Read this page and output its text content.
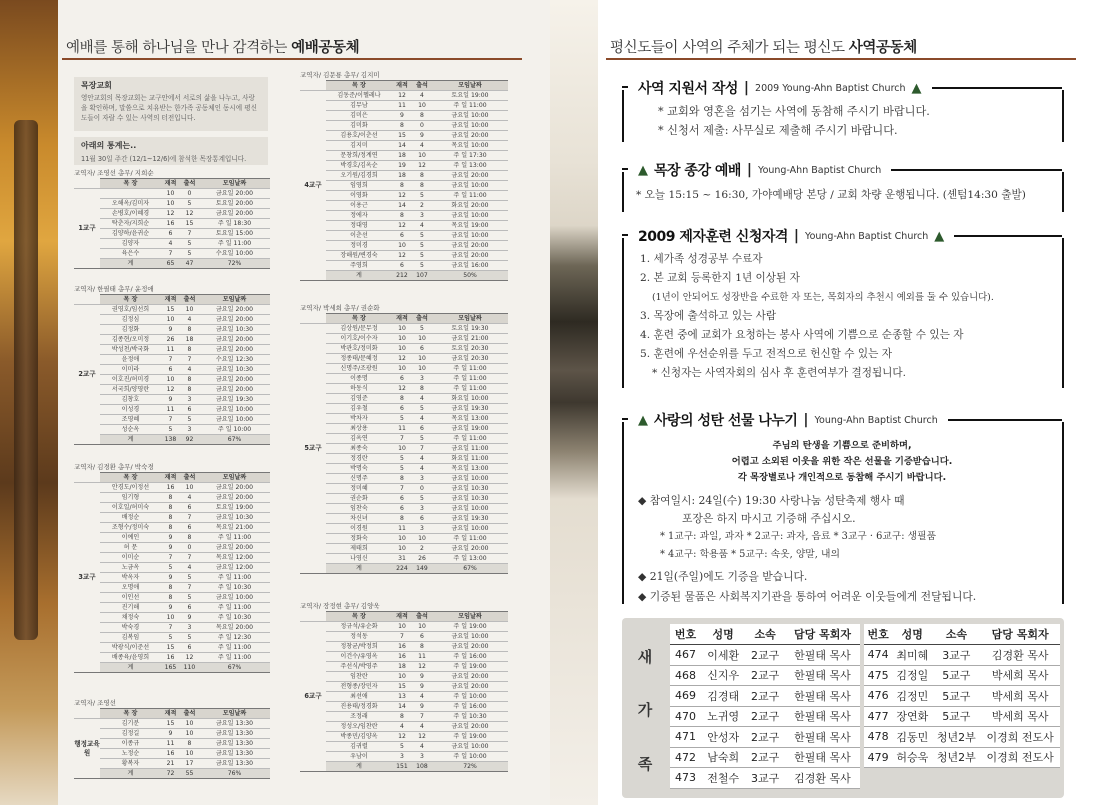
예배를 통해 하나님을 만나 감격하는 예배공동체
목장교회
영안교회의 목장교회는 교구안에서 서로의 삶을 나누고, 사랑을 확인하며, 말씀으로 치유받는 한가족 공동체인 동시에 평신도들이 자랄 수 있는 사역의 터전입니다.
아래의 통계는..
11월 30일 주간 (12/1~12/6)에 참석한 목장통계입니다.
교역자/ 조영선 총무/ 지희순
	목 장	재적	출석	모임날짜
1교구		10	0	금요일 20:00
	오해옥/김미자	10	5	토요일 20:00
	손병호/이혜경	12	12	금요일 20:00
	탁춘자/지희순	16	15	주 일 18:30
	김양하/윤귀순	6	7	토요일 15:00
	김양자	4	5	주 일 11:00
	육은수	7	5	수요일 10:00
	계	65	47	72%
교역자/ 한필태 총무/ 윤정애
	목 장	재적	출석	모임날짜
2교구	권영호/임선희	15	10	금요일 20:00
	김정심	10	4	금요일 20:00
	김정화	9	8	금요일 10:30
	김종현/오미정	26	18	금요일 20:00
	박성천/박국화	11	8	금요일 20:00
	윤정애	7	7	수요일 12:30
	이미라	6	4	금요일 10:30
	이호진/허미경	10	8	금요일 20:00
	서국희/양영란	12	8	금요일 20:00
	김창호	9	3	금요일 19:30
	이성경	11	6	금요일 10:00
	조영혜	7	5	금요일 10:00
	성순옥	5	3	주 일 10:00
	계	138	92	67%
교역자/ 김경환 총무/ 박숙경
	목 장	재적	출석	모임날짜
3교구	안경도/이정선	16	10	금요일 20:00
	임기형	8	4	금요일 20:00
	이호일/허미숙	8	6	토요일 19:00
	배정순	8	7	금요일 10:30
	조형수/정미숙	8	6	목요일 21:00
	이예인	9	8	주 일 11:00
	허 문	9	0	금요일 20:00
	이미순	7	7	목요일 12:00
	노금옥	5	4	금요일 12:00
	박옥자	9	5	주 일 11:00
	오명애	8	7	주 일 10:30
	이인선	8	5	금요일 10:00
	진기해	9	6	주 일 11:00
	채정숙	10	9	주 일 10:30
	박숙경	7	3	목요일 20:00
	김복임	5	5	주 일 12:30
	박광식/이준선	15	6	주 일 11:00
	배종육/윤영희	16	12	주 일 11:00
	계	165	110	67%
교역자/ 조영선
	목 장	재적	출석	모임날짜
행정교육원	김기분	15	10	금요일 13:30
	김정길	9	10	금요일 13:30
	이종규	11	8	금요일 13:30
	노정순	16	10	금요일 13:30
	황복자	21	17	금요일 13:30
	계	72	55	76%
교역자/ 김문룡 총무/ 김지미
	목 장	재적	출석	모임날짜
4교구	김동준/이헬레나	12	4	토요일 19:00
	김무남	11	10	주 일 11:00
	김미은	9	8	금요일 10:00
	김미화	8	0	금요일 10:00
	김용호/이춘선	15	9	금요일 20:00
	김지미	14	4	목요일 10:00
	문창희/정계연	18	10	주 일 17:30
	박경호/김옥순	19	12	주 일 13:00
	오기원/김경희	18	8	금요일 20:00
	임영희	8	8	금요일 10:00
	이영화	12	5	주 일 11:00
	이용근	14	2	화요일 20:00
	정에자	8	3	금요일 10:00
	정대영	12	4	목요일 19:00
	이춘선	6	5	금요일 10:00
	정미경	10	5	금요일 20:00
	장해원/변경숙	12	5	금요일 20:00
	주영희	6	5	금요일 16:00
	계	212	107	50%
교역자/ 박세희 총무/ 권순화
	목 장	재적	출석	모임날짜
5교구	김상원/문무정	10	5	토요일 19:30
	이기호/이수자	10	10	금요일 21:00
	박관호/정미화	10	6	토요일 20:30
	정종태/문혜정	12	10	금요일 20:30
	신명주/조광원	10	10	주 일 11:00
	이종명	6	3	주 일 11:00
	하동식	12	8	주 일 11:00
	김영준	8	4	화요일 10:00
	김우철	6	5	금요일 19:30
	박차자	5	4	목요일 13:00
	최상용	11	6	금요일 19:00
	김옥연	7	5	주 일 11:00
	최종숙	10	7	금요일 11:00
	정경란	5	4	화요일 11:00
	박명숙	5	4	목요일 13:00
	신명주	8	3	금요일 10:00
	정미혜	7	0	금요일 10:30
	권순화	6	5	금요일 10:30
	임찬숙	6	3	금요일 10:00
	차신녀	8	6	금요일 19:30
	이경원	11	3	금요일 10:00
	정화숙	10	10	주 일 11:00
	제태희	10	2	금요일 20:00
	나영신	31	26	주 일 13:00
	계	224	149	67%
교역자/ 장정현 총무/ 김양욱
	목 장	재적	출석	모임날짜
6교구	정규석/유순화	10	10	주 일 19:00
	정석동	7	6	금요일 10:00
	정창균/박정희	16	8	금요일 20:00
	이건수/유영옥	16	11	주 일 16:00
	주선식/박영주	18	12	주 일 19:00
	임찬란	10	9	금요일 20:00
	전형종/장민자	15	9	금요일 20:00
	최선애	13	4	주 일 10:00
	진용태/정경화	14	9	주 일 16:00
	조정래	8	7	주 일 10:30
	정성오/임찬란	4	4	금요일 20:00
	박종민/김양옥	12	12	주 일 19:00
	김귀렬	5	4	금요일 10:00
	우남이	3	3	주 일 10:00
	계	151	108	72%
평신도들이 사역의 주체가 되는 평신도 사역공동체
사역 지원서 작성 | 2009 Young-Ahn Baptist Church ▲

* 교회와 영혼을 섬기는 사역에 동참해 주시기 바랍니다.

* 신청서 제출: 사무실로 제출해 주시기 바랍니다.

▲ 목장 종강 예배 | Young-Ahn Baptist Church

* 오늘 15:15 ~ 16:30, 가야예배당 본당 / 교회 차량 운행됩니다. (셴텀14:30 출발)

2009 제자훈련 신청자격 | Young-Ahn Baptist Church ▲

1. 세가족 성경공부 수료자

2. 본 교회 등록한지 1년 이상된 자

(1년이 안되어도 성장반을 수료한 자 또는, 목회자의 추천시 예외를 둘 수 있습니다).

3. 목장에 출석하고 있는 사람

4. 훈련 중에 교회가 요청하는 봉사 사역에 기쁨으로 순종할 수 있는 자

5. 훈련에 우선순위를 두고 전적으로 헌신할 수 있는 자

* 신청자는 사역자회의 심사 후 훈련여부가 결정됩니다.

▲ 사랑의 성탄 선물 나누기 | Young-Ahn Baptist Church

주님의 탄생을 기쁨으로 준비하며,

어렵고 소외된 이웃을 위한 작은 선물을 기증받습니다.

각 목장별로나 개인적으로 동참해 주시기 바랍니다.

◆ 참여일시: 24일(수) 19:30 사랑나눔 성탄축제 행사 때

포장은 하지 마시고 기증해 주십시오.

* 1교구: 과일, 과자 * 2교구: 과자, 음료 * 3교구 · 6교구: 생필품

* 4교구: 학용품 * 5교구: 속옷, 양말, 내의

◆ 21일(주일)에도 기증을 받습니다.

◆ 기증된 물품은 사회복지기관을 통하여 어려운 이웃들에게 전달됩니다.

새
가
족
번호	성명	소속	담당 목회자
467	이세환	2교구	한필태 목사
468	신지우	2교구	한필태 목사
469	김경태	2교구	한필태 목사
470	노귀영	2교구	한필태 목사
471	안성자	2교구	한필태 목사
472	남숙희	2교구	한필태 목사
473	전철수	3교구	김경환 목사
번호	성명	소속	담당 목회자
474	최미혜	3교구	김경환 목사
475	김정일	5교구	박세희 목사
476	김정민	5교구	박세희 목사
477	장연화	5교구	박세희 목사
478	김동민	청년2부	이경희 전도사
479	허승욱	청년2부	이경희 전도사
